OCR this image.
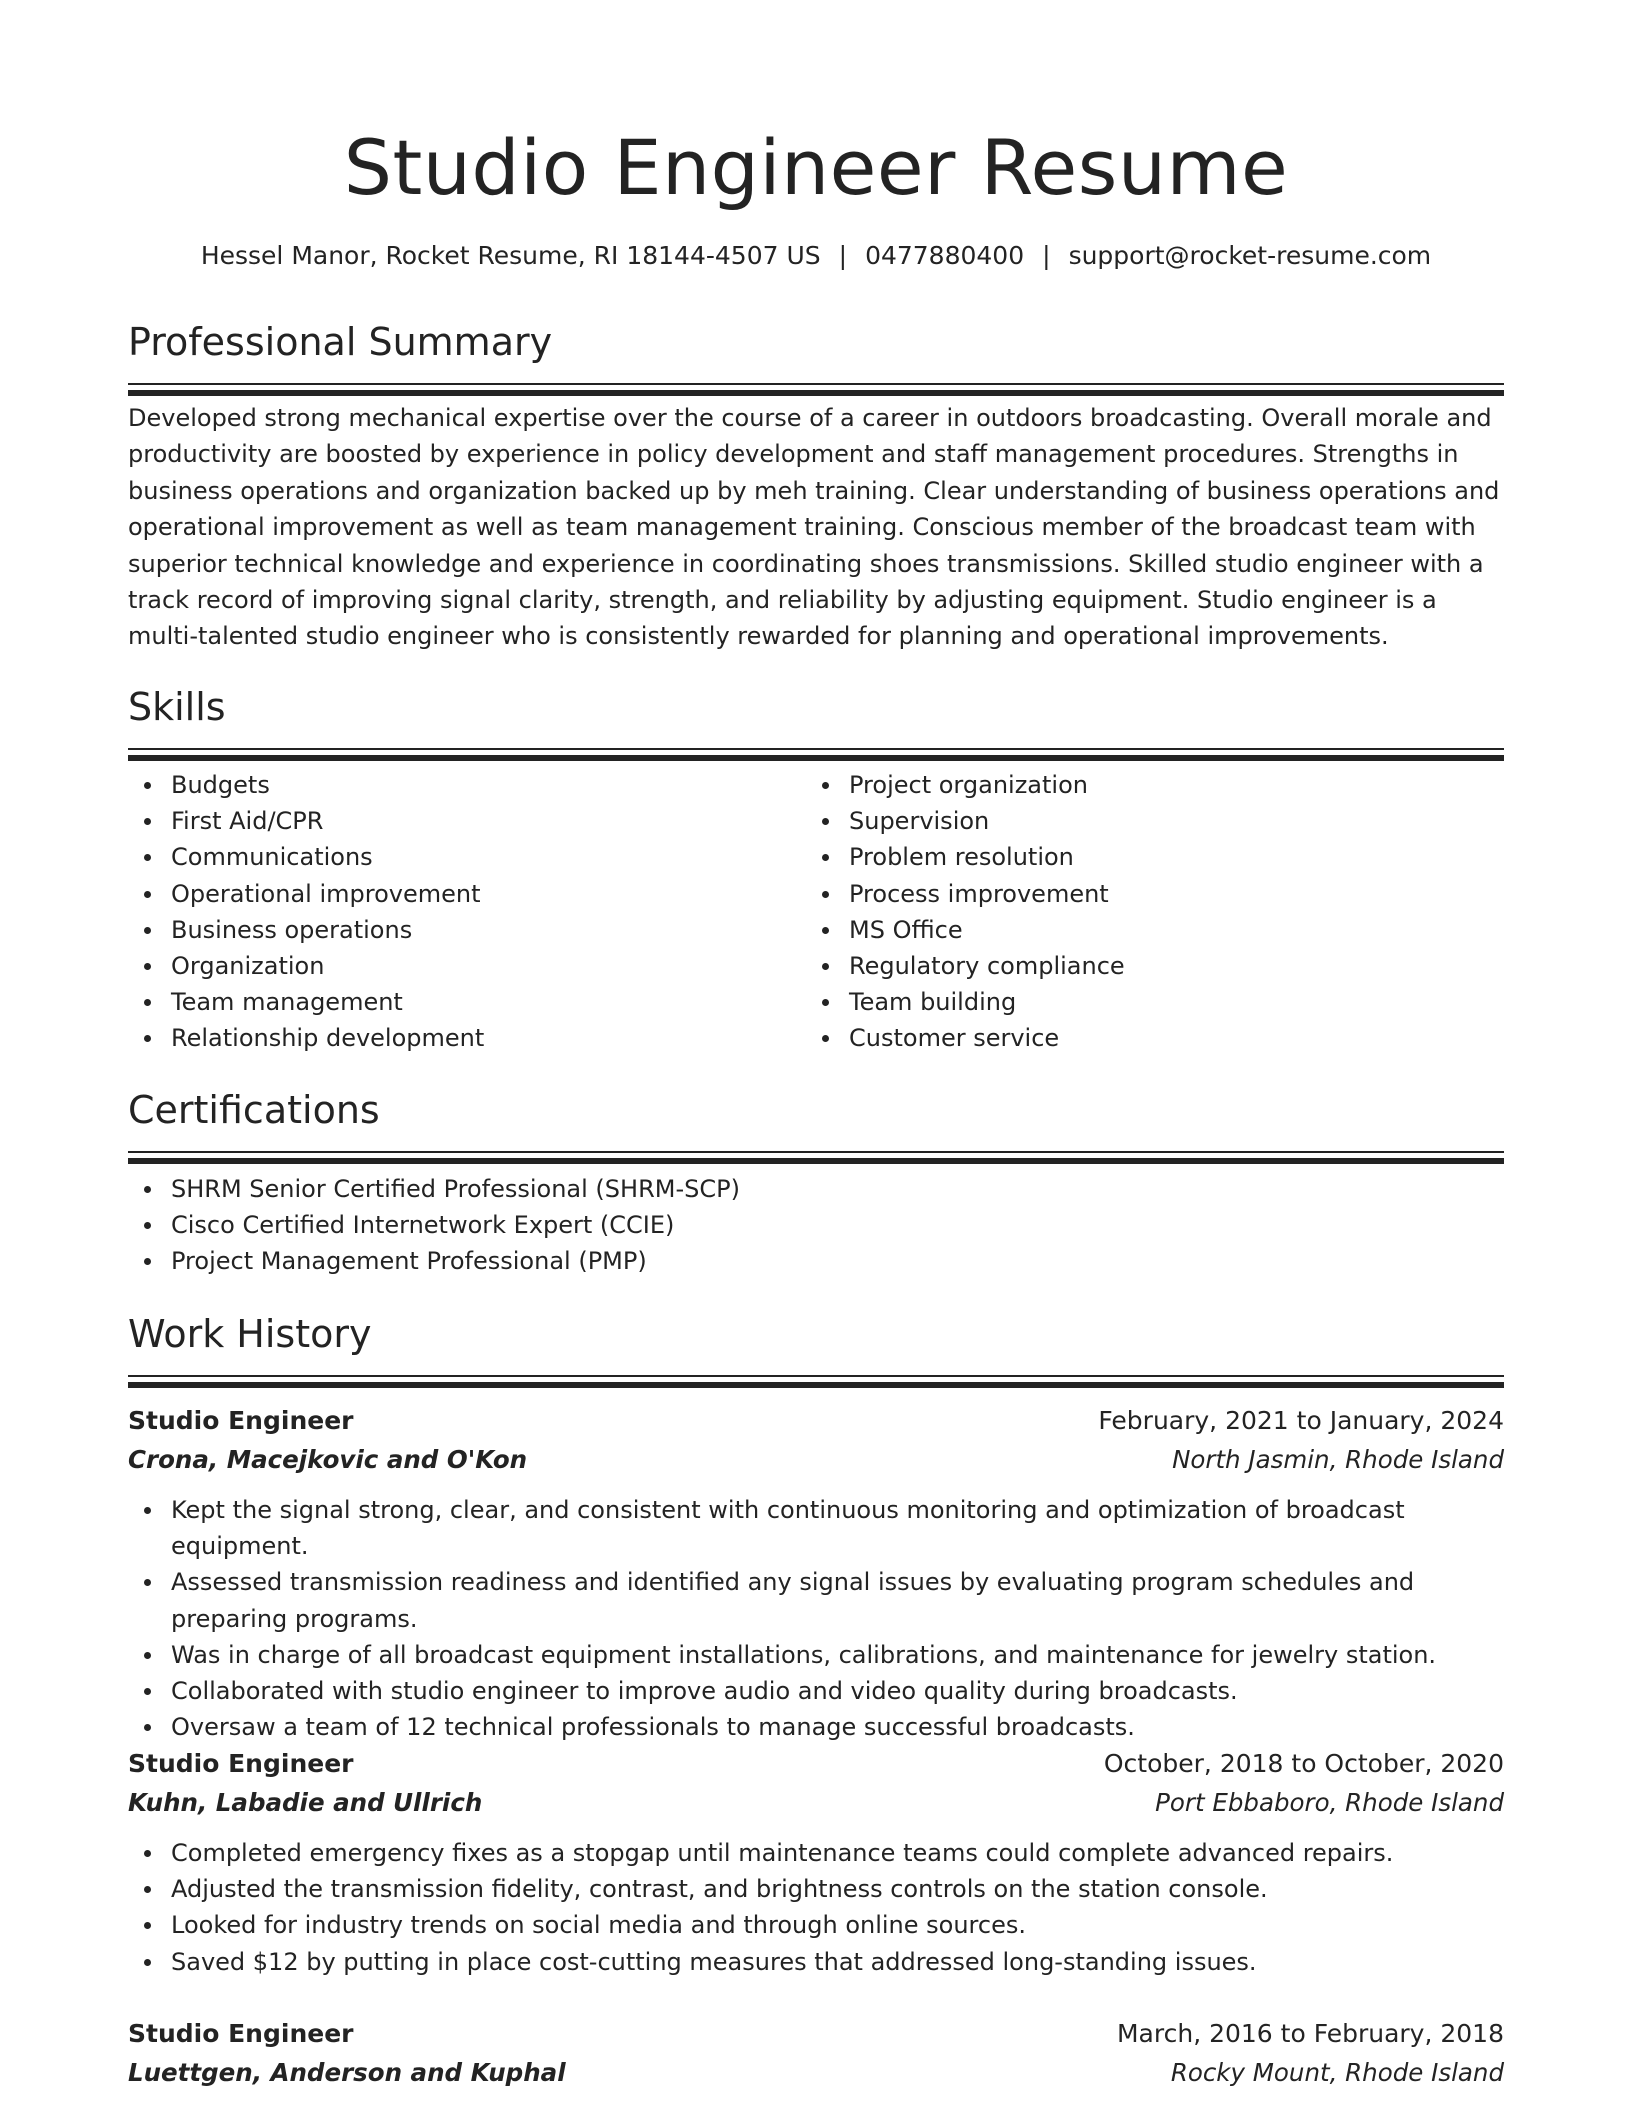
Studio Engineer Resume
Hessel Manor, Rocket Resume, RI 18144-4507 US | 0477880400 | support@rocket-resume.com
Professional Summary
Developed strong mechanical expertise over the course of a career in outdoors broadcasting. Overall morale and productivity are boosted by experience in policy development and staff management procedures. Strengths in business operations and organization backed up by meh training. Clear understanding of business operations and operational improvement as well as team management training. Conscious member of the broadcast team with superior technical knowledge and experience in coordinating shoes transmissions. Skilled studio engineer with a track record of improving signal clarity, strength, and reliability by adjusting equipment. Studio engineer is a multi-talented studio engineer who is consistently rewarded for planning and operational improvements.
Skills
Budgets
First Aid/CPR
Communications
Operational improvement
Business operations
Organization
Team management
Relationship development
Project organization
Supervision
Problem resolution
Process improvement
MS Office
Regulatory compliance
Team building
Customer service
Certifications
SHRM Senior Certified Professional (SHRM-SCP)
Cisco Certified Internetwork Expert (CCIE)
Project Management Professional (PMP)
Work History
Studio Engineer	February, 2021 to January, 2024
Crona, Macejkovic and O'Kon	North Jasmin, Rhode Island
Kept the signal strong, clear, and consistent with continuous monitoring and optimization of broadcast equipment.
Assessed transmission readiness and identified any signal issues by evaluating program schedules and preparing programs.
Was in charge of all broadcast equipment installations, calibrations, and maintenance for jewelry station.
Collaborated with studio engineer to improve audio and video quality during broadcasts.
Oversaw a team of 12 technical professionals to manage successful broadcasts.
Studio Engineer	October, 2018 to October, 2020
Kuhn, Labadie and Ullrich	Port Ebbaboro, Rhode Island
Completed emergency fixes as a stopgap until maintenance teams could complete advanced repairs.
Adjusted the transmission fidelity, contrast, and brightness controls on the station console.
Looked for industry trends on social media and through online sources.
Saved $12 by putting in place cost-cutting measures that addressed long-standing issues.
Studio Engineer	March, 2016 to February, 2018
Luettgen, Anderson and Kuphal	Rocky Mount, Rhode Island
